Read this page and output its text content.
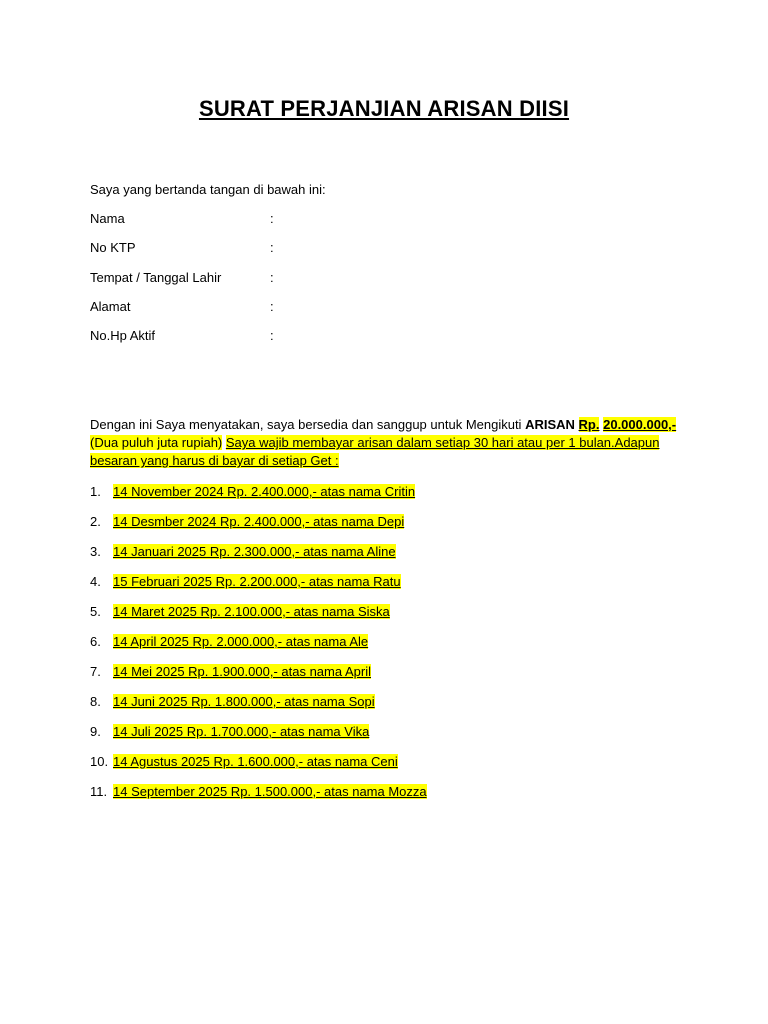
SURAT PERJANJIAN ARISAN DIISI
Saya yang bertanda tangan di bawah ini:
Nama	:
No KTP	:
Tempat / Tanggal Lahir	:
Alamat	:
No.Hp Aktif	:
Dengan ini Saya menyatakan, saya bersedia dan sanggup untuk Mengikuti ARISAN Rp. 20.000.000,-(Dua puluh juta rupiah) Saya wajib membayar arisan dalam setiap 30 hari atau per 1 bulan.Adapun besaran yang harus di bayar di setiap Get :
1. 14 November 2024 Rp. 2.400.000,- atas nama Critin
2. 14 Desmber 2024 Rp. 2.400.000,- atas nama Depi
3. 14 Januari 2025 Rp. 2.300.000,- atas nama Aline
4. 15 Februari 2025 Rp. 2.200.000,- atas nama Ratu
5. 14 Maret 2025 Rp. 2.100.000,- atas nama Siska
6. 14 April 2025 Rp. 2.000.000,- atas nama Ale
7. 14 Mei 2025 Rp. 1.900.000,- atas nama April
8. 14 Juni 2025 Rp. 1.800.000,- atas nama Sopi
9. 14 Juli 2025 Rp. 1.700.000,- atas nama Vika
10. 14 Agustus 2025 Rp. 1.600.000,- atas nama Ceni
11. 14 September 2025 Rp. 1.500.000,- atas nama Mozza
